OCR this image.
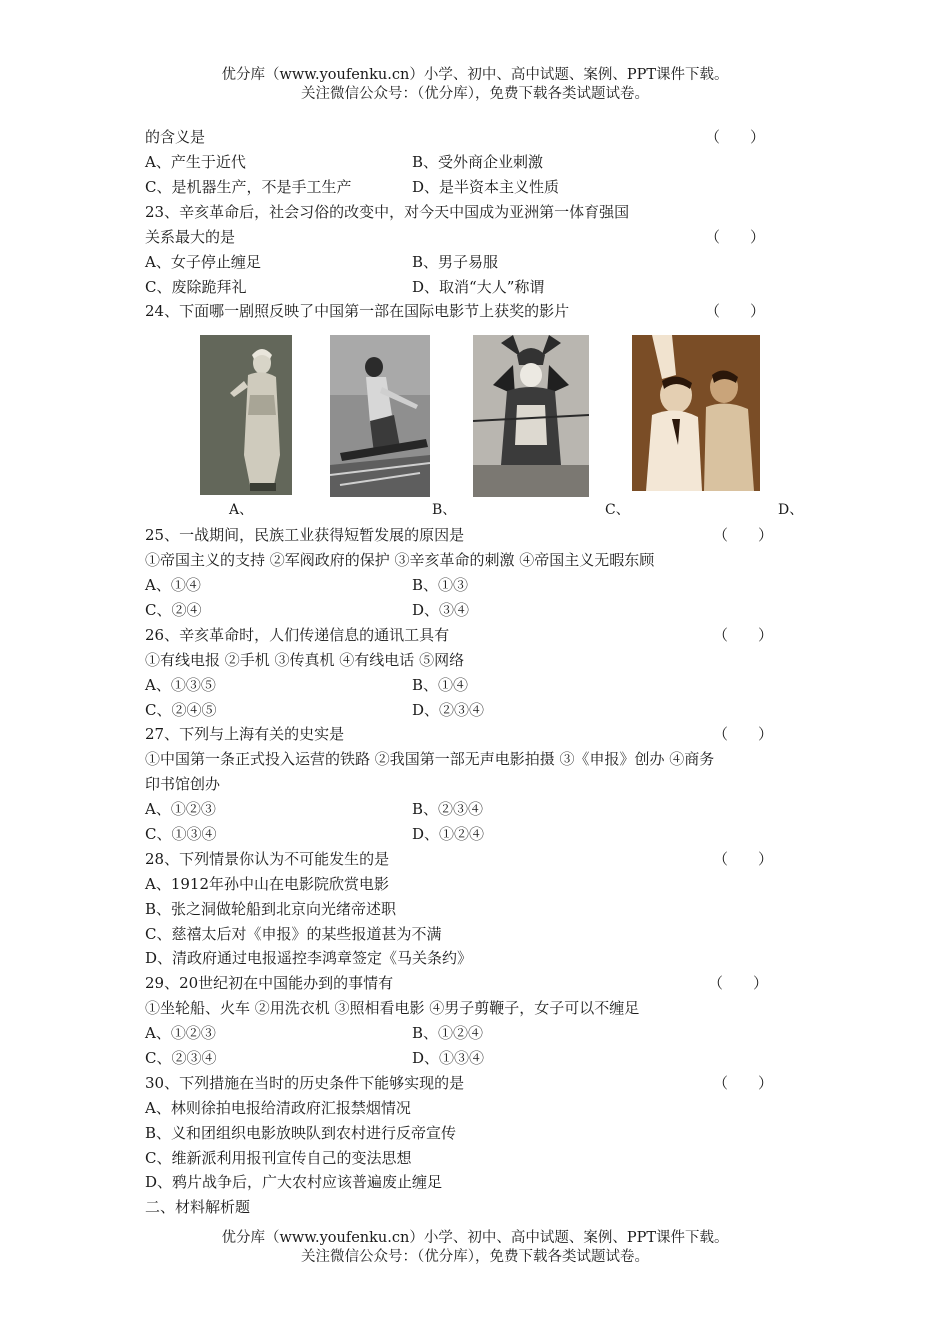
优分库（www.youfenku.cn）小学、初中、高中试题、案例、PPT课件下载。
关注微信公众号：（优分库），免费下载各类试题试卷。
的含义是	（　　）
A、产生于近代	B、受外商企业刺激
C、是机器生产，不是手工生产	D、是半资本主义性质
23、辛亥革命后，社会习俗的改变中，对今天中国成为亚洲第一体育强国
关系最大的是	（　　）
A、女子停止缠足	B、男子易服
C、废除跪拜礼	D、取消“大人”称谓
24、下面哪一剧照反映了中国第一部在国际电影节上获奖的影片	（　　）
A、	B、	C、	D、
25、一战期间，民族工业获得短暂发展的原因是	（　　）
①帝国主义的支持 ②军阀政府的保护 ③辛亥革命的刺激 ④帝国主义无暇东顾
A、①④	B、①③
C、②④	D、③④
26、辛亥革命时，人们传递信息的通讯工具有	（　　）
①有线电报 ②手机 ③传真机 ④有线电话 ⑤网络
A、①③⑤	B、①④
C、②④⑤	D、②③④
27、下列与上海有关的史实是	（　　）
①中国第一条正式投入运营的铁路 ②我国第一部无声电影拍摄 ③《申报》创办 ④商务
印书馆创办
A、①②③	B、②③④
C、①③④	D、①②④
28、下列情景你认为不可能发生的是	（　　）
A、1912年孙中山在电影院欣赏电影
B、张之洞做轮船到北京向光绪帝述职
C、慈禧太后对《申报》的某些报道甚为不满
D、清政府通过电报遥控李鸿章签定《马关条约》
29、20世纪初在中国能办到的事情有	（　　）
①坐轮船、火车 ②用洗衣机 ③照相看电影 ④男子剪鞭子，女子可以不缠足
A、①②③	B、①②④
C、②③④	D、①③④
30、下列措施在当时的历史条件下能够实现的是	（　　）
A、林则徐拍电报给清政府汇报禁烟情况
B、义和团组织电影放映队到农村进行反帝宣传
C、维新派利用报刊宣传自己的变法思想
D、鸦片战争后，广大农村应该普遍废止缠足
二、材料解析题
优分库（www.youfenku.cn）小学、初中、高中试题、案例、PPT课件下载。
关注微信公众号：（优分库），免费下载各类试题试卷。
